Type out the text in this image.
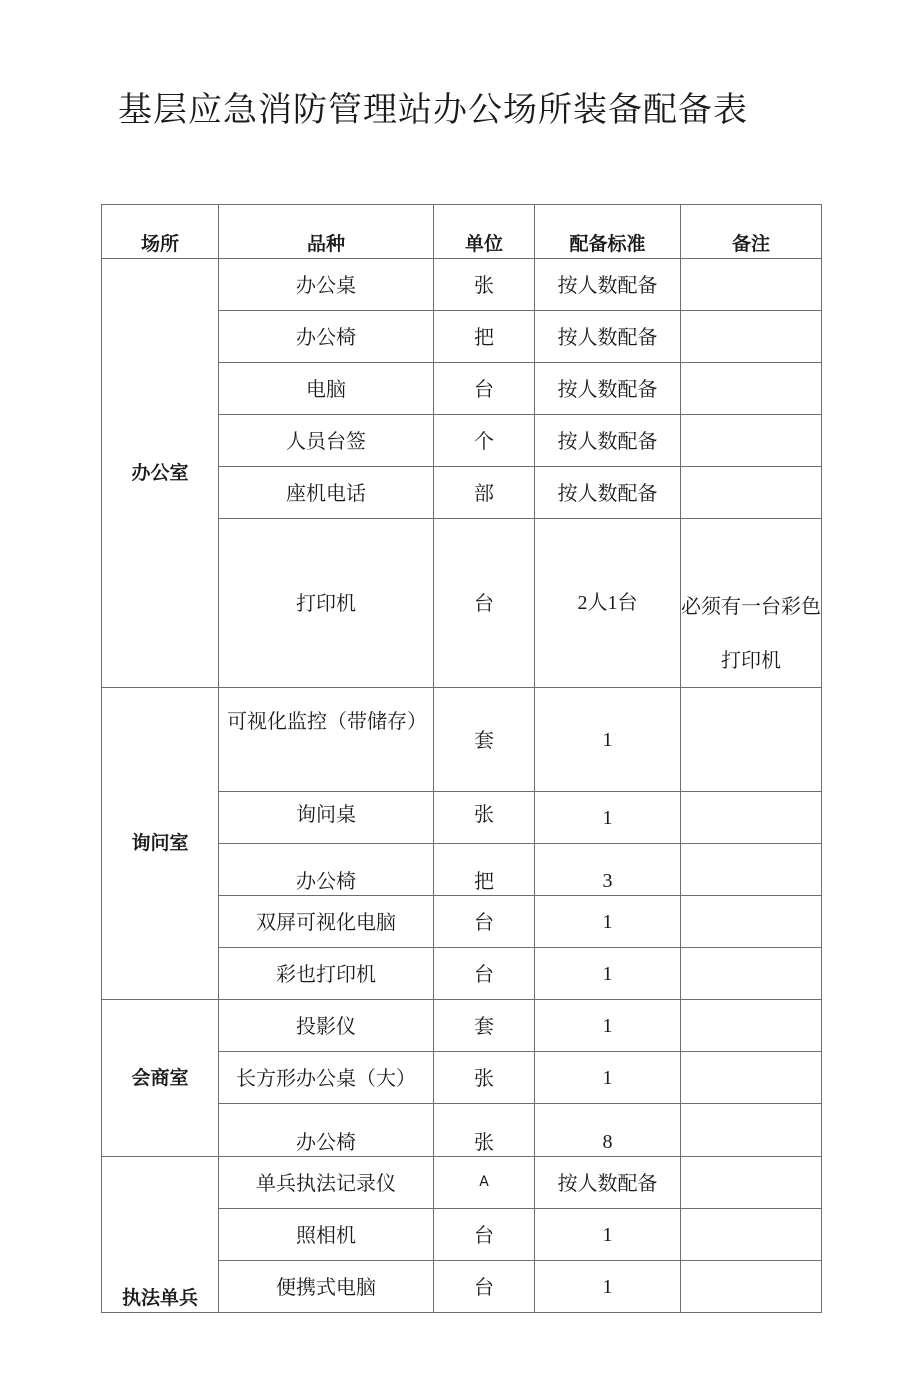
基层应急消防管理站办公场所装备配备表
场所	品种	单位	配备标准	备注
办公室	办公桌	张	按人数配备	
	办公椅	把	按人数配备	
	电脑	台	按人数配备	
	人员台签	个	按人数配备	
	座机电话	部	按人数配备	
	打印机	台	2人1台	必须有一台彩色打印机
询问室	可视化监控（带储存）	套	1	
	询问桌	张	1	
	办公椅	把	3	
	双屏可视化电脑	台	1	
	彩也打印机	台	1	
会商室	投影仪	套	1	
	长方形办公桌（大）	张	1	
	办公椅	张	8	
执法单兵	单兵执法记录仪	A	按人数配备	
	照相机	台	1	
	便携式电脑	台	1	
